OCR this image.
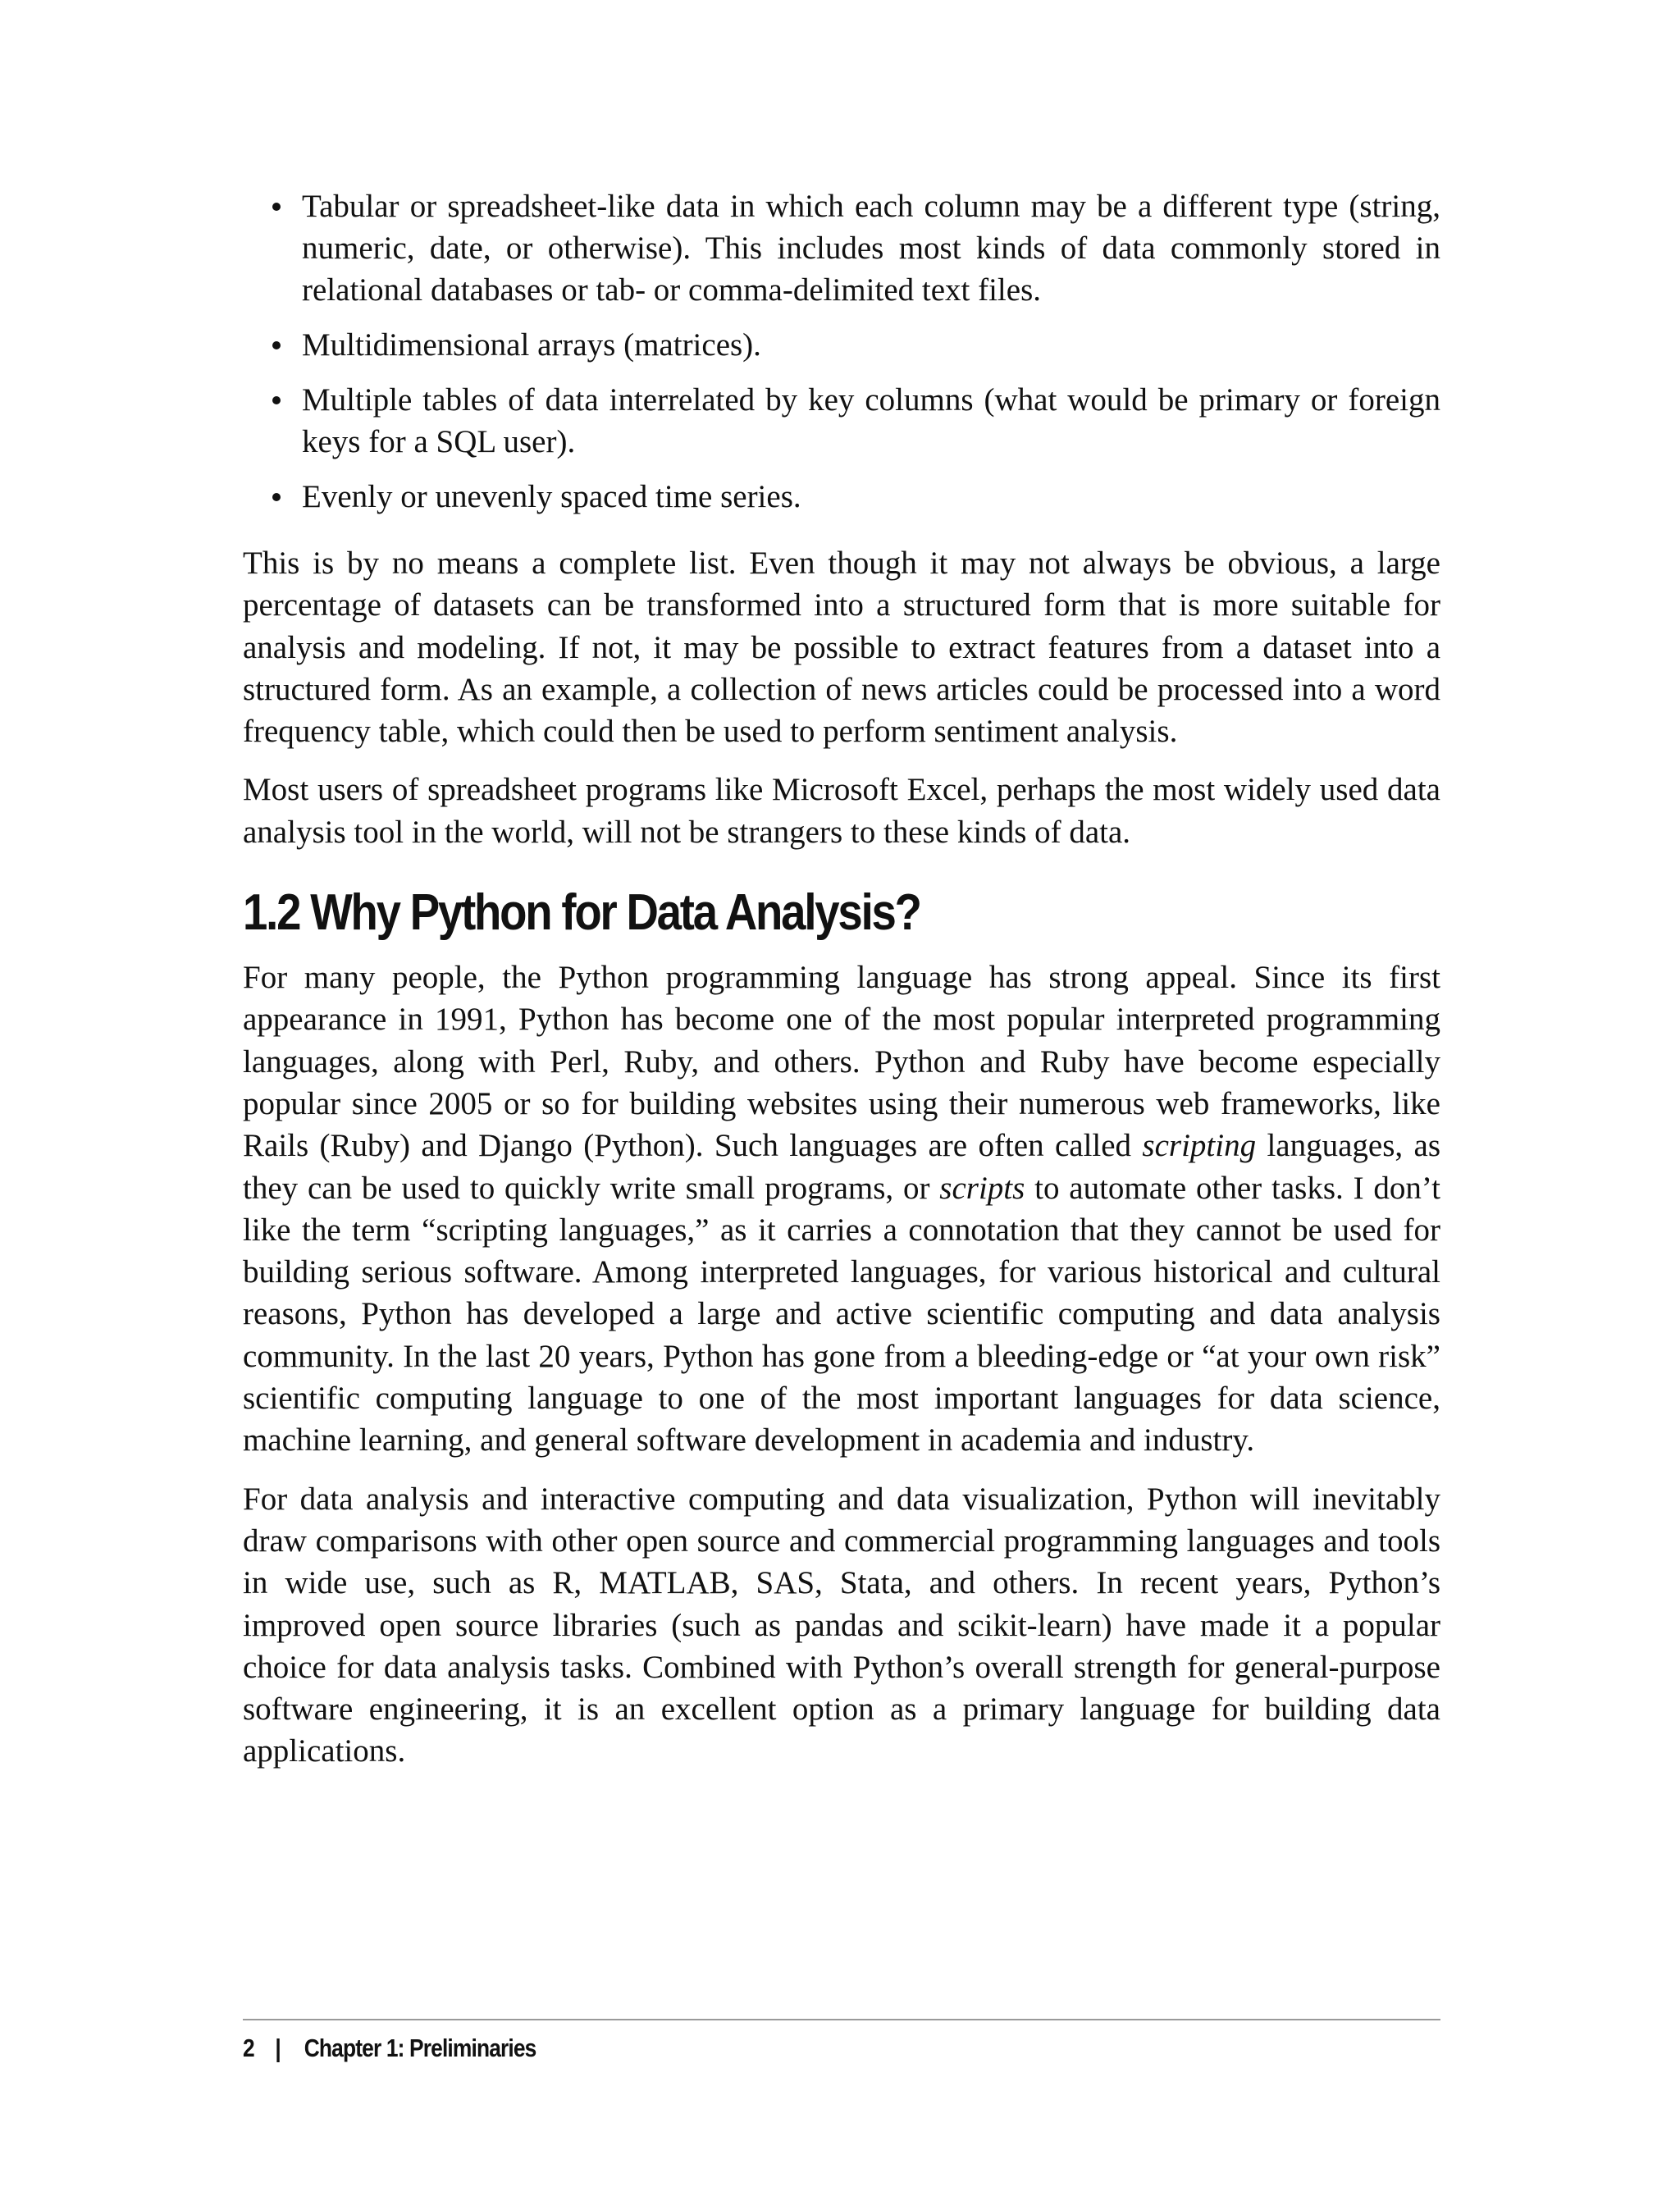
Tabular or spreadsheet-like data in which each column may be a different type (string, numeric, date, or otherwise). This includes most kinds of data commonly stored in relational databases or tab- or comma-delimited text files.
Multidimensional arrays (matrices).
Multiple tables of data interrelated by key columns (what would be primary or foreign keys for a SQL user).
Evenly or unevenly spaced time series.

This is by no means a complete list. Even though it may not always be obvious, a large percentage of datasets can be transformed into a structured form that is more suitable for analysis and modeling. If not, it may be possible to extract features from a dataset into a structured form. As an example, a collection of news articles could be processed into a word frequency table, which could then be used to perform sentiment analysis.

Most users of spreadsheet programs like Microsoft Excel, perhaps the most widely used data analysis tool in the world, will not be strangers to these kinds of data.

1.2 Why Python for Data Analysis?

For many people, the Python programming language has strong appeal. Since its first appearance in 1991, Python has become one of the most popular interpreted programming languages, along with Perl, Ruby, and others. Python and Ruby have become especially popular since 2005 or so for building websites using their numerous web frameworks, like Rails (Ruby) and Django (Python). Such languages are often called scripting languages, as they can be used to quickly write small programs, or scripts to automate other tasks. I don’t like the term “scripting languages,” as it carries a connotation that they cannot be used for building serious software. Among interpreted languages, for various historical and cultural reasons, Python has developed a large and active scientific computing and data analysis community. In the last 20 years, Python has gone from a bleeding-edge or “at your own risk” scientific computing language to one of the most important languages for data science, machine learning, and general software development in academia and industry.

For data analysis and interactive computing and data visualization, Python will inevitably draw comparisons with other open source and commercial programming languages and tools in wide use, such as R, MATLAB, SAS, Stata, and others. In recent years, Python’s improved open source libraries (such as pandas and scikit-learn) have made it a popular choice for data analysis tasks. Combined with Python’s overall strength for general-purpose software engineering, it is an excellent option as a primary language for building data applications.

2 | Chapter 1: Preliminaries
